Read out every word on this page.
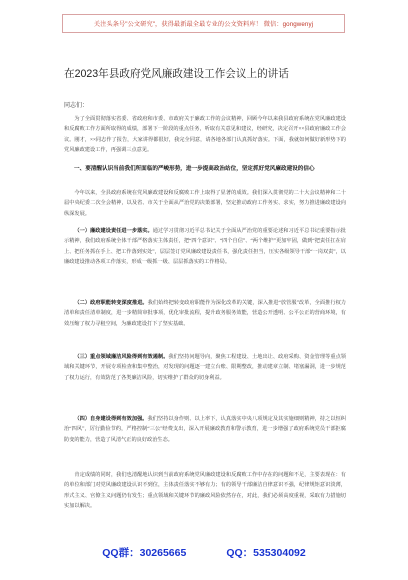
关注头条号"公文研究"，获得最新最全最专业的公文资料库！ 微信：gongwenyj
在2023年县政府党风廉政建设工作会议上的讲话
同志们：

为了全面贯彻落实省委、省政府和市委、市政府关于廉政工作的会议精神，回顾今年以来我县政府系统在党风廉政建设和反腐败工作方面所取得的成绩，部署下一阶段的重点任务，听取有关意见和建议，经研究，决定召开××县政府廉政工作会议。刚才，××同志作了报告，大家讲得都很好，我完全同意，请各地各部门认真抓好落实。下面，我就如何做好新形势下的党风廉政建设工作，再强调三点意见。

一、要清醒认识当前我们所面临的严峻形势，进一步提高政治站位，坚定抓好党风廉政建设的信心

今年以来，全县政府系统在党风廉政建设和反腐败工作上取得了显著的成效。我们深入贯彻党的二十大会议精神和二十届中央纪委二次全会精神，以及省、市关于全面从严治党的决策部署，坚定推动政府工作务实、求实，努力推进廉政建设向纵深发展。

（一）廉政建设责任进一步落实。通过学习贯彻习近平总书记关于全面从严治党的重要论述和习近平总书记重要指示批示精神，我们政府系统全体干部严格落实主体责任，把“四个意识”、“四个自信”、“两个维护”更加牢固，做到“把责任扛在肩上、把任务抓在手上、把工作落到实处”，层层签订党风廉政建设责任书，强化责任担当，压实各级领导干部“一岗双责”，以廉政建设推动各项工作落实，形成一级抓一级、层层抓落实的工作格局。

（二）政府职能转变深度推进。我们始终把转变政府职能作为深化改革的关键，深入推进“放管服”改革，全面推行权力清单和责任清单制度，进一步精简审批事项，优化审批流程，提升政务服务效能，营造公开透明、公平公正的营商环境，有效压缩了权力寻租空间，为廉政建设打下了坚实基础。

（三）重点领域廉洁风险得到有效遏制。我们坚持问题导向，聚焦工程建设、土地出让、政府采购、资金管理等重点领域和关键环节，开展专项检查和集中整治，对发现的问题逐一建立台账、限期整改，推动建章立制、堵塞漏洞，进一步规范了权力运行，有效防范了各类廉洁风险，切实维护了群众的切身利益。

（四）自身建设得到有效加强。我们坚持以身作则、以上率下，认真落实中央八项规定及其实施细则精神，持之以恒纠治“四风”，厉行勤俭节约，严格控制“三公”经费支出，深入开展廉政教育和警示教育，进一步增强了政府系统党员干部拒腐防变的能力，营造了风清气正的良好政治生态。

肯定成绩的同时，我们也清醒地认识到当前政府系统党风廉政建设和反腐败工作中存在的问题和不足，主要表现在：有的单位和部门对党风廉政建设认识不到位，主体责任落实不够有力；有的领导干部廉洁自律意识不强，纪律规矩意识淡薄，形式主义、官僚主义问题仍有发生；重点领域和关键环节的廉政风险依然存在，对此，我们必须高度重视，采取有力措施切实加以解决。

QQ群：30265665	QQ：535304092
